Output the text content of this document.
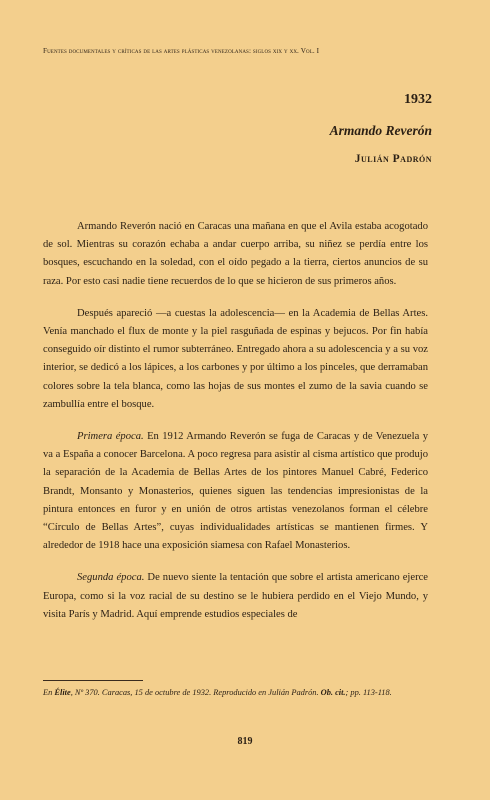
Fuentes documentales y críticas de las artes plásticas venezolanas: siglos xix y xx. Vol. I
1932
Armando Reverón
Julián Padrón

Armando Reverón nació en Caracas una mañana en que el Avila estaba acogotado de sol. Mientras su corazón echaba a andar cuerpo arriba, su niñez se perdía entre los bosques, escuchando en la soledad, con el oído pegado a la tierra, ciertos anuncios de su raza. Por esto casi nadie tiene recuerdos de lo que se hicieron de sus primeros años.

Después apareció —a cuestas la adolescencia— en la Academia de Bellas Artes. Venía manchado el flux de monte y la piel rasguñada de espinas y bejucos. Por fin había conseguido oír distinto el rumor subterráneo. Entregado ahora a su adolescencia y a su voz interior, se dedicó a los lápices, a los carbones y por último a los pinceles, que derramaban colores sobre la tela blanca, como las hojas de sus montes el zumo de la savia cuando se zambullía entre el bosque.

Primera época. En 1912 Armando Reverón se fuga de Caracas y de Venezuela y va a España a conocer Barcelona. A poco regresa para asistir al cisma artístico que produjo la separación de la Academia de Bellas Artes de los pintores Manuel Cabré, Federico Brandt, Monsanto y Monasterios, quienes siguen las tendencias impresionistas de la pintura entonces en furor y en unión de otros artistas venezolanos forman el célebre “Círculo de Bellas Artes”, cuyas individualidades artísticas se mantienen firmes. Y alrededor de 1918 hace una exposición siamesa con Rafael Monasterios.

Segunda época. De nuevo siente la tentación que sobre el artista americano ejerce Europa, como si la voz racial de su destino se le hubiera perdido en el Viejo Mundo, y visita París y Madrid. Aquí emprende estudios especiales de

En Élite, Nº 370. Caracas, 15 de octubre de 1932. Reproducido en Julián Padrón. Ob. cit.; pp. 113-118.
819
